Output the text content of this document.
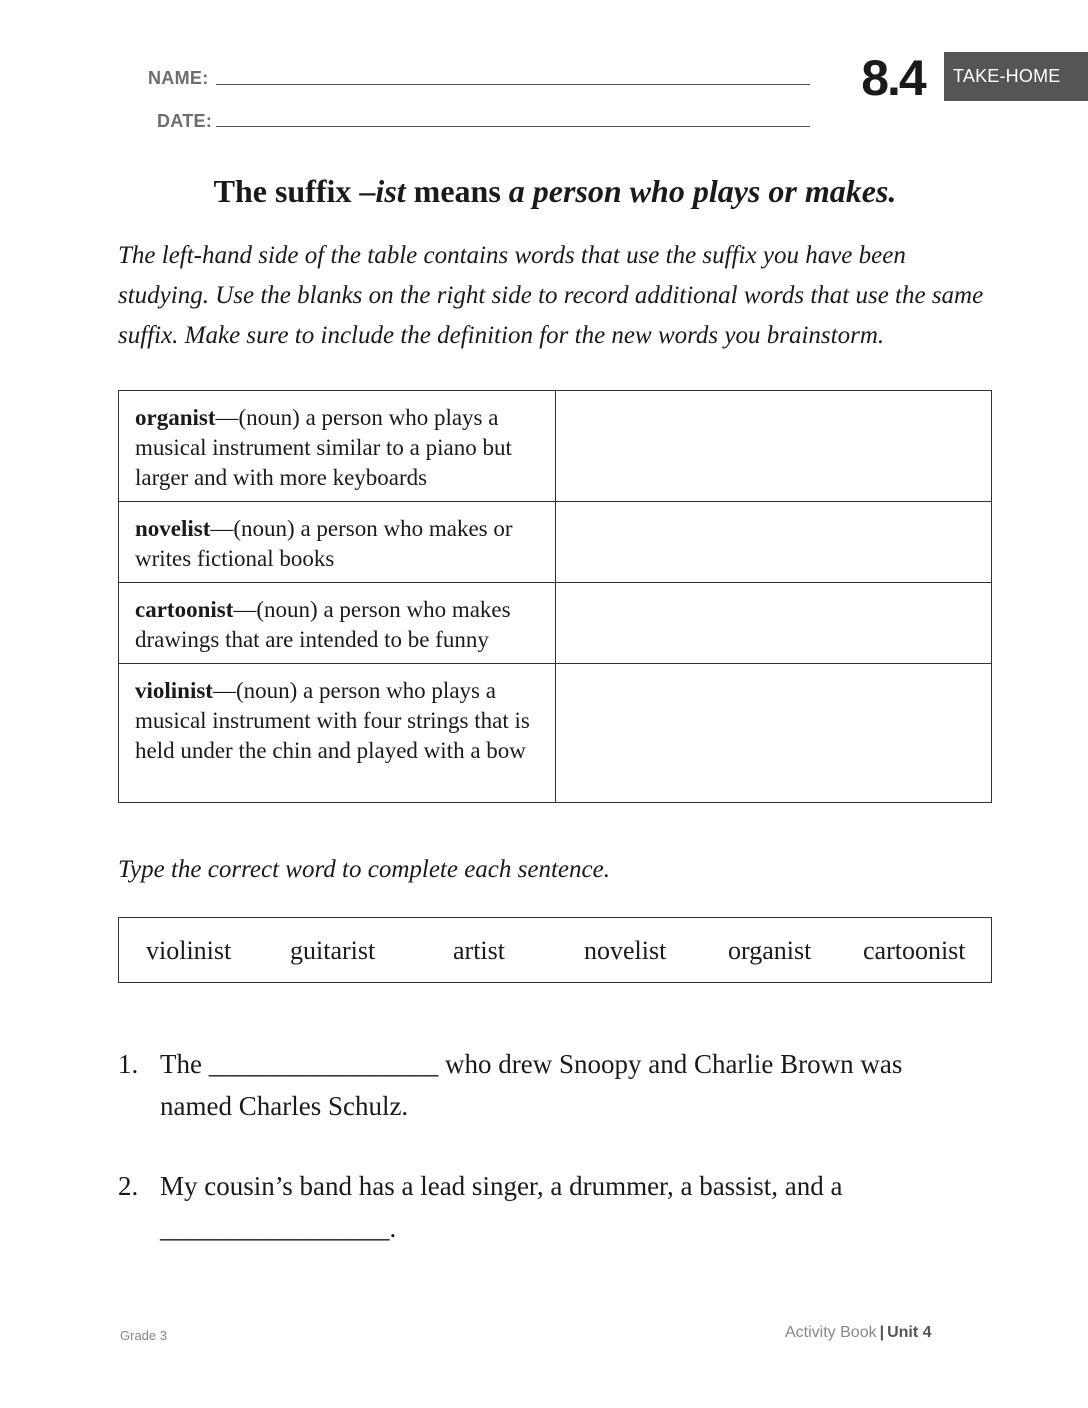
NAME:
DATE:
8.4	TAKE-HOME
The suffix –ist means a person who plays or makes.
The left-hand side of the table contains words that use the suffix you have been studying. Use the blanks on the right side to record additional words that use the same suffix. Make sure to include the definition for the new words you brainstorm.
organist—(noun) a person who plays a musical instrument similar to a piano but larger and with more keyboards	
novelist—(noun) a person who makes or writes fictional books	
cartoonist—(noun) a person who makes drawings that are intended to be funny	
violinist—(noun) a person who plays a musical instrument with four strings that is held under the chin and played with a bow	
Type the correct word to complete each sentence.
violinist guitarist	artist	novelist organist cartoonist
1. The _________________ who drew Snoopy and Charlie Brown was
named Charles Schulz.
2. My cousin’s band has a lead singer, a drummer, a bassist, and a
_________________.
Grade 3	Activity Book | Unit 4
